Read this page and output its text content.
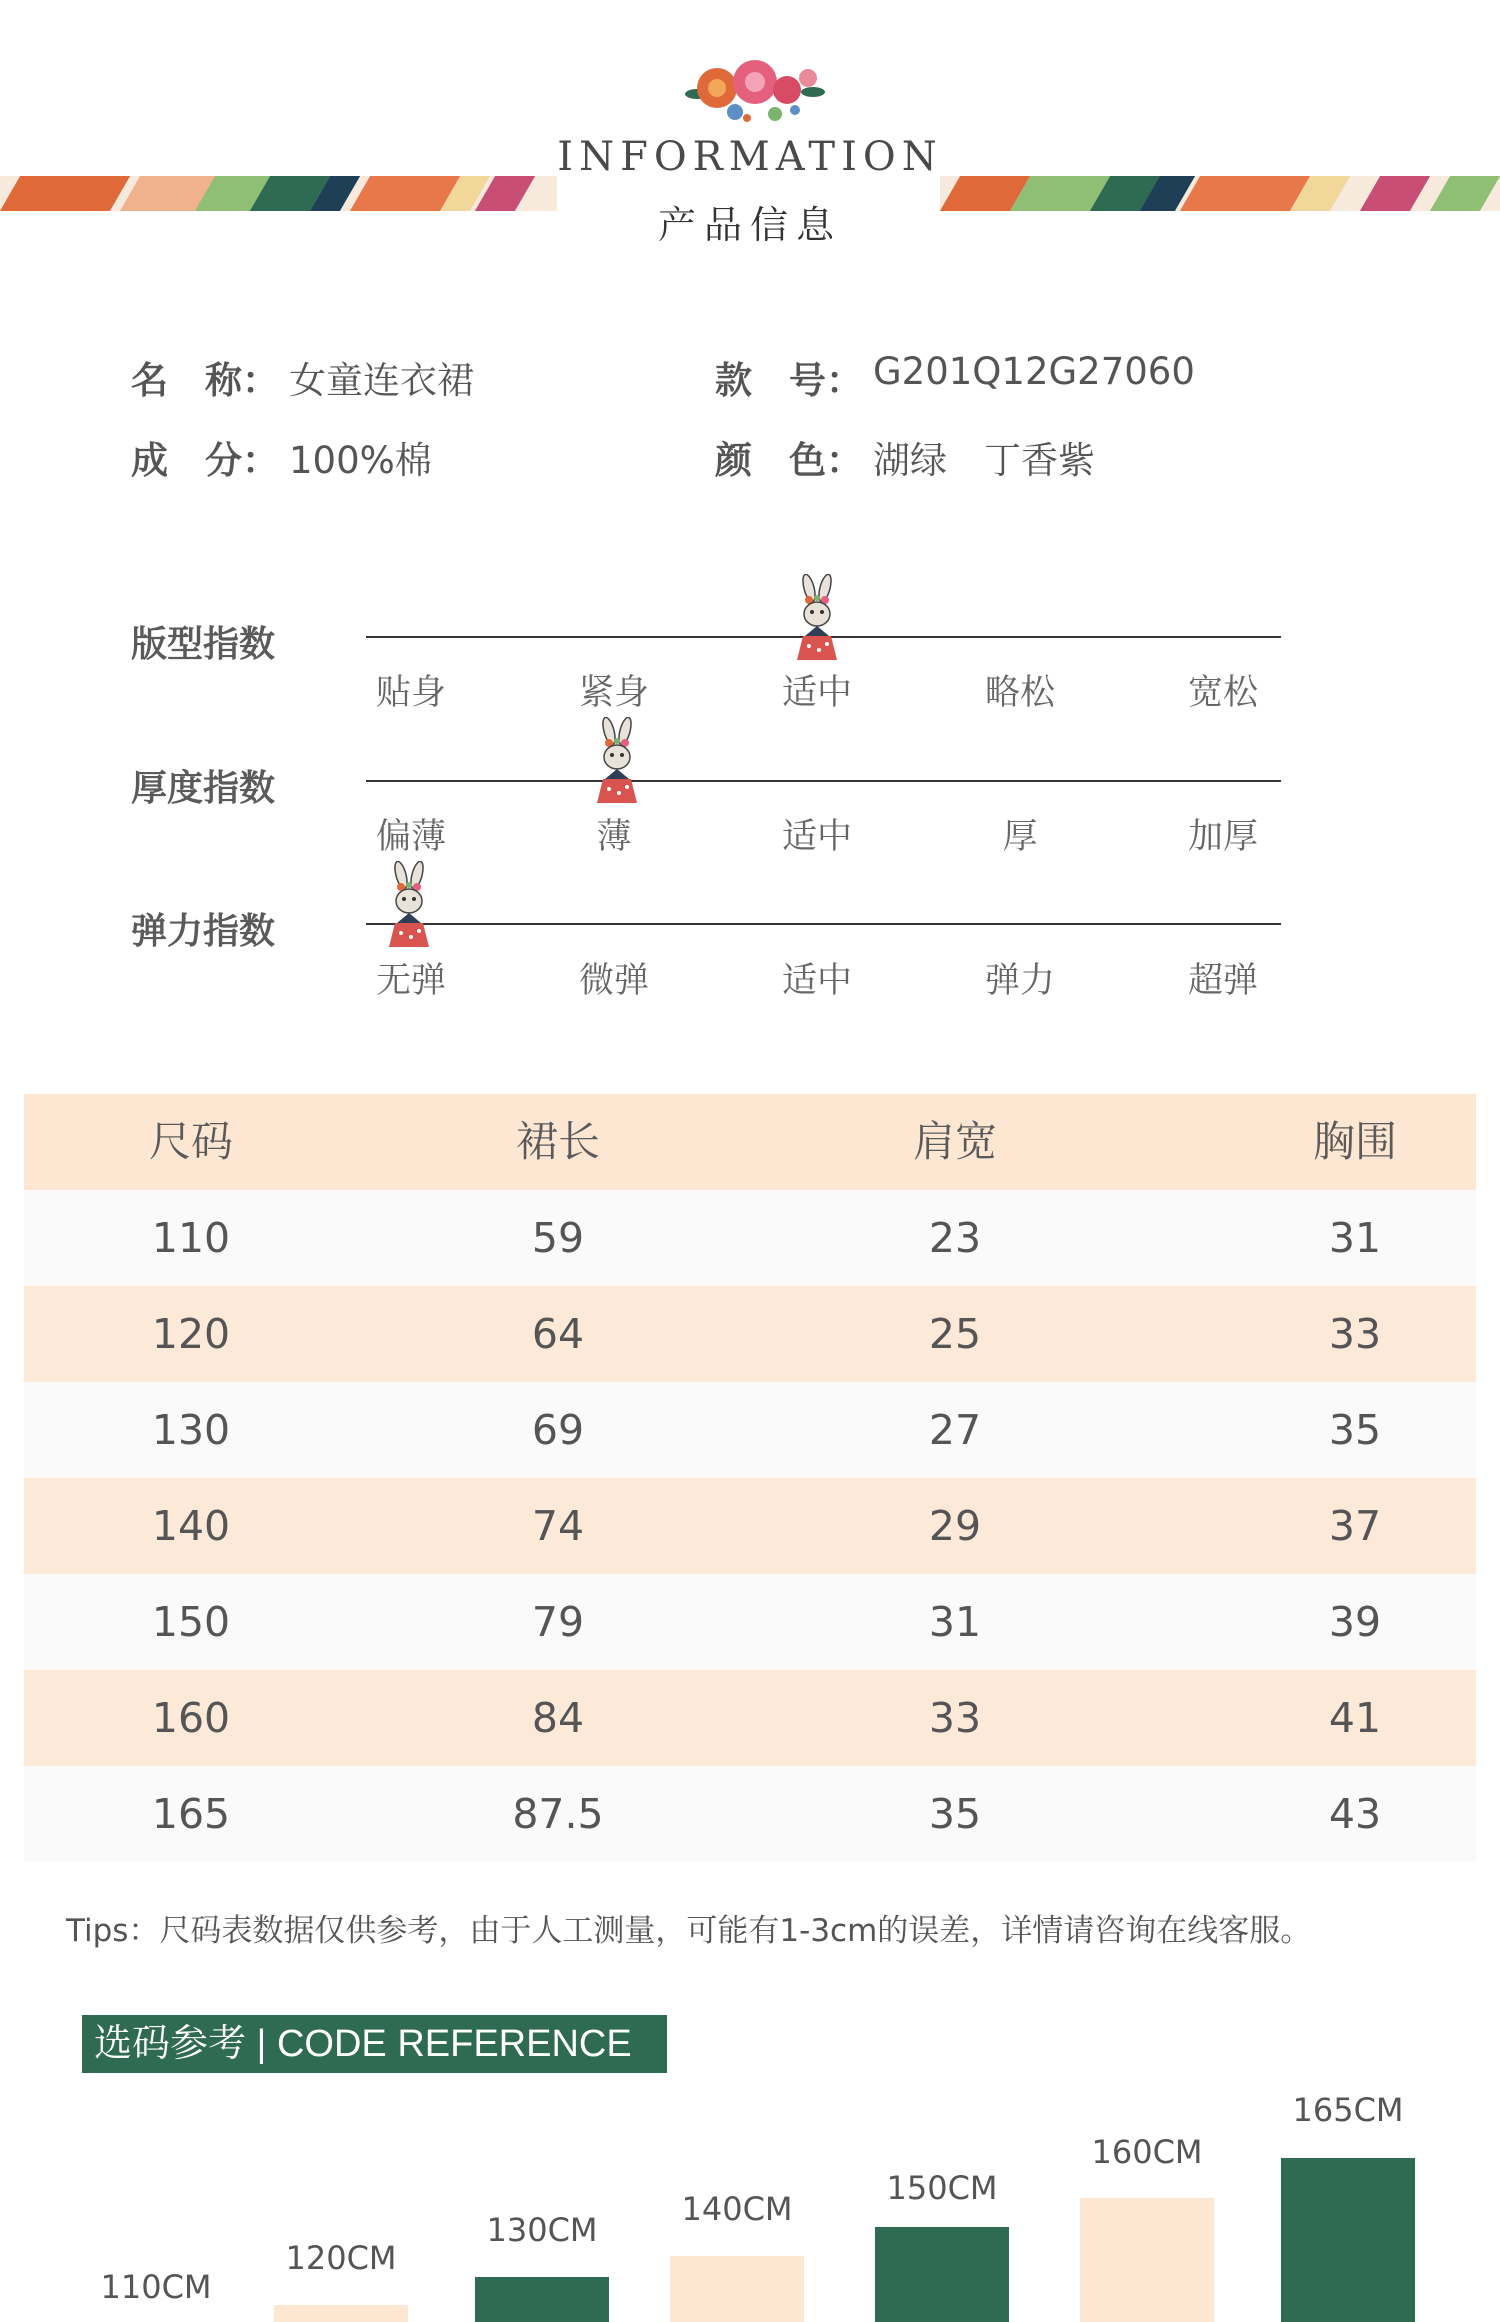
INFORMATION
产品信息
名　称： 女童连衣裙	款　号： G201Q12G27060
成　分： 100%棉	颜　色： 湖绿　丁香紫
版型指数
贴身	紧身	适中	略松	宽松
厚度指数
偏薄	薄	适中	厚	加厚
弹力指数
无弹	微弹	适中	弹力	超弹
尺码	裙长	肩宽	胸围
110	59	23	31
120	64	25	33
130	69	27	35
140	74	29	37
150	79	31	39
160	84	33	41
165	87.5	35	43
Tips：尺码表数据仅供参考，由于人工测量，可能有1-3cm的误差，详情请咨询在线客服。
选码参考 | CODE REFERENCE
110CM
120CM
130CM
140CM
150CM
160CM
165CM
